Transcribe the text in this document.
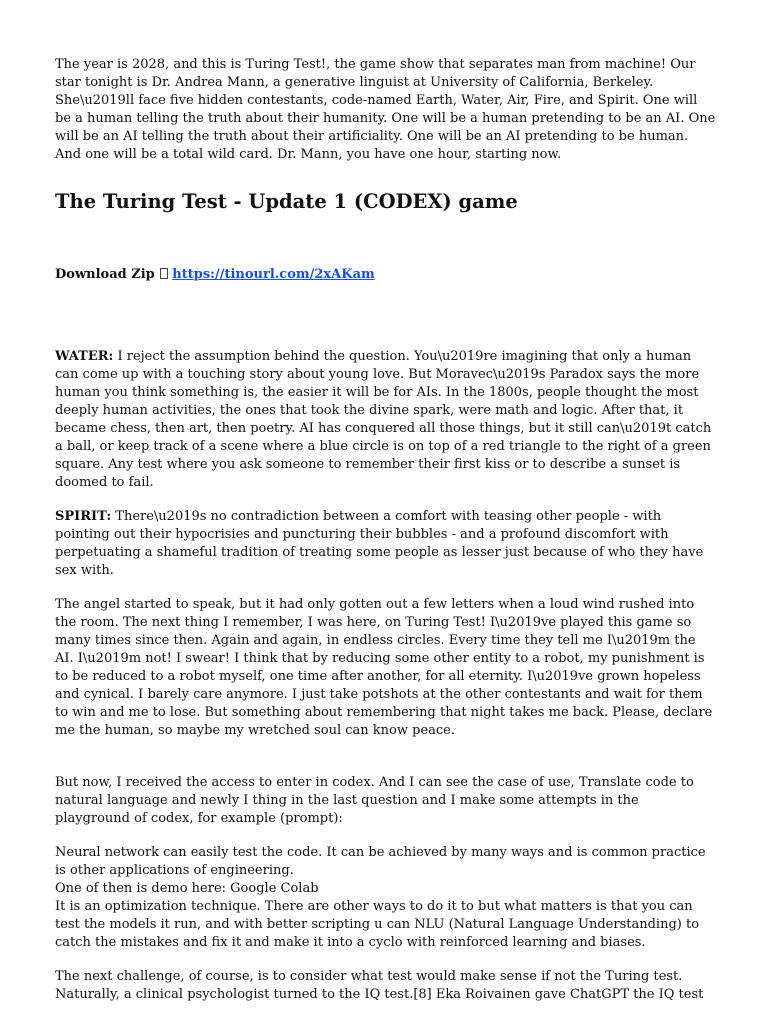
The year is 2028, and this is Turing Test!, the game show that separates man from machine! Our star tonight is Dr. Andrea Mann, a generative linguist at University of California, Berkeley. She\u2019ll face five hidden contestants, code-named Earth, Water, Air, Fire, and Spirit. One will be a human telling the truth about their humanity. One will be a human pretending to be an AI. One will be an AI telling the truth about their artificiality. One will be an AI pretending to be human. And one will be a total wild card. Dr. Mann, you have one hour, starting now.

The Turing Test - Update 1 (CODEX) game
Download Zip https://tinourl.com/2xAKam

WATER: I reject the assumption behind the question. You\u2019re imagining that only a human can come up with a touching story about young love. But Moravec\u2019s Paradox says the more human you think something is, the easier it will be for AIs. In the 1800s, people thought the most deeply human activities, the ones that took the divine spark, were math and logic. After that, it became chess, then art, then poetry. AI has conquered all those things, but it still can\u2019t catch a ball, or keep track of a scene where a blue circle is on top of a red triangle to the right of a green square. Any test where you ask someone to remember their first kiss or to describe a sunset is doomed to fail.

SPIRIT: There\u2019s no contradiction between a comfort with teasing other people - with pointing out their hypocrisies and puncturing their bubbles - and a profound discomfort with perpetuating a shameful tradition of treating some people as lesser just because of who they have sex with.

The angel started to speak, but it had only gotten out a few letters when a loud wind rushed into the room. The next thing I remember, I was here, on Turing Test! I\u2019ve played this game so many times since then. Again and again, in endless circles. Every time they tell me I\u2019m the AI. I\u2019m not! I swear! I think that by reducing some other entity to a robot, my punishment is to be reduced to a robot myself, one time after another, for all eternity. I\u2019ve grown hopeless and cynical. I barely care anymore. I just take potshots at the other contestants and wait for them to win and me to lose. But something about remembering that night takes me back. Please, declare me the human, so maybe my wretched soul can know peace.

But now, I received the access to enter in codex. And I can see the case of use, Translate code to natural language and newly I thing in the last question and I make some attempts in the playground of codex, for example (prompt):

Neural network can easily test the code. It can be achieved by many ways and is common practice is other applications of engineering.
One of then is demo here: Google Colab
It is an optimization technique. There are other ways to do it to but what matters is that you can test the models it run, and with better scripting u can NLU (Natural Language Understanding) to catch the mistakes and fix it and make it into a cyclo with reinforced learning and biases.

The next challenge, of course, is to consider what test would make sense if not the Turing test. Naturally, a clinical psychologist turned to the IQ test.[8] Eka Roivainen gave ChatGPT the IQ test
